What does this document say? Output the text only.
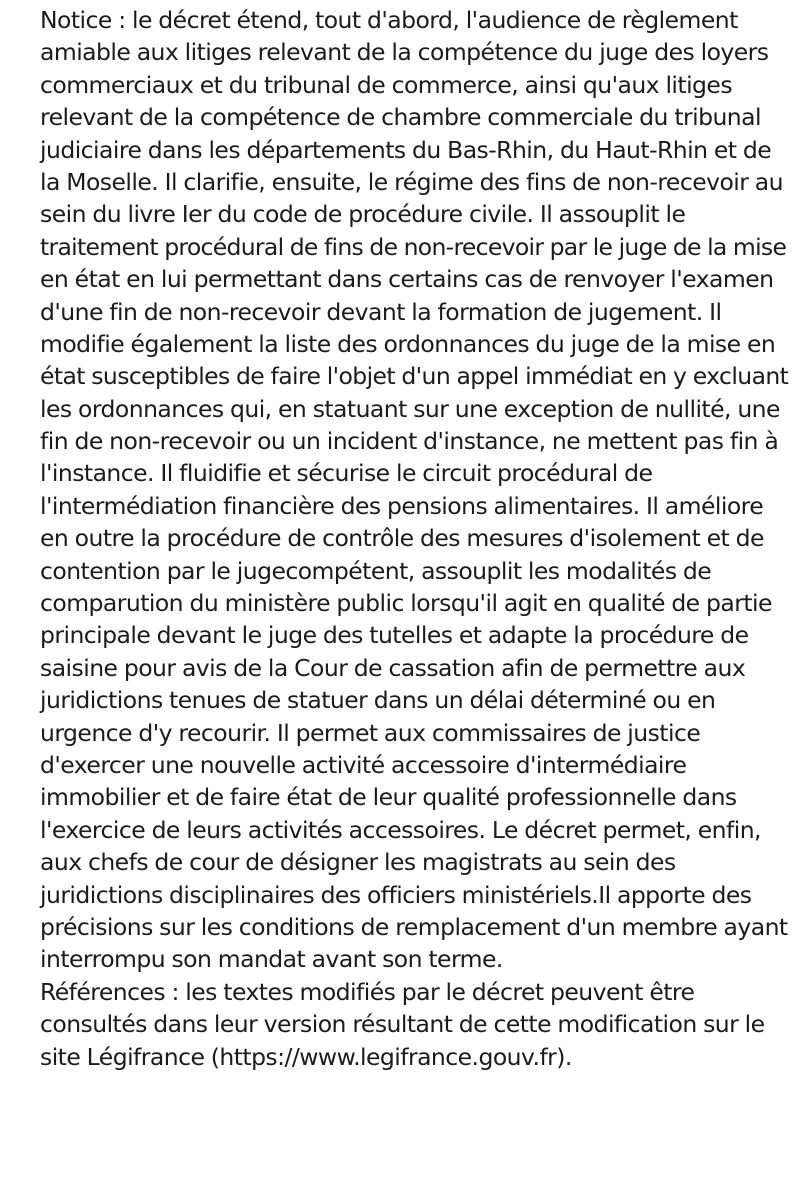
Notice : le décret étend, tout d'abord, l'audience de règlement
amiable aux litiges relevant de la compétence du juge des loyers
commerciaux et du tribunal de commerce, ainsi qu'aux litiges
relevant de la compétence de chambre commerciale du tribunal
judiciaire dans les départements du Bas-Rhin, du Haut-Rhin et de
la Moselle. Il clarifie, ensuite, le régime des fins de non-recevoir au
sein du livre Ier du code de procédure civile. Il assouplit le
traitement procédural de fins de non-recevoir par le juge de la mise
en état en lui permettant dans certains cas de renvoyer l'examen
d'une fin de non-recevoir devant la formation de jugement. Il
modifie également la liste des ordonnances du juge de la mise en
état susceptibles de faire l'objet d'un appel immédiat en y excluant
les ordonnances qui, en statuant sur une exception de nullité, une
fin de non-recevoir ou un incident d'instance, ne mettent pas fin à
l'instance. Il fluidifie et sécurise le circuit procédural de
l'intermédiation financière des pensions alimentaires. Il améliore
en outre la procédure de contrôle des mesures d'isolement et de
contention par le jugecompétent, assouplit les modalités de
comparution du ministère public lorsqu'il agit en qualité de partie
principale devant le juge des tutelles et adapte la procédure de
saisine pour avis de la Cour de cassation afin de permettre aux
juridictions tenues de statuer dans un délai déterminé ou en
urgence d'y recourir. Il permet aux commissaires de justice
d'exercer une nouvelle activité accessoire d'intermédiaire
immobilier et de faire état de leur qualité professionnelle dans
l'exercice de leurs activités accessoires. Le décret permet, enfin,
aux chefs de cour de désigner les magistrats au sein des
juridictions disciplinaires des officiers ministériels.Il apporte des
précisions sur les conditions de remplacement d'un membre ayant
interrompu son mandat avant son terme.
Références : les textes modifiés par le décret peuvent être
consultés dans leur version résultant de cette modification sur le
site Légifrance (https://www.legifrance.gouv.fr).
